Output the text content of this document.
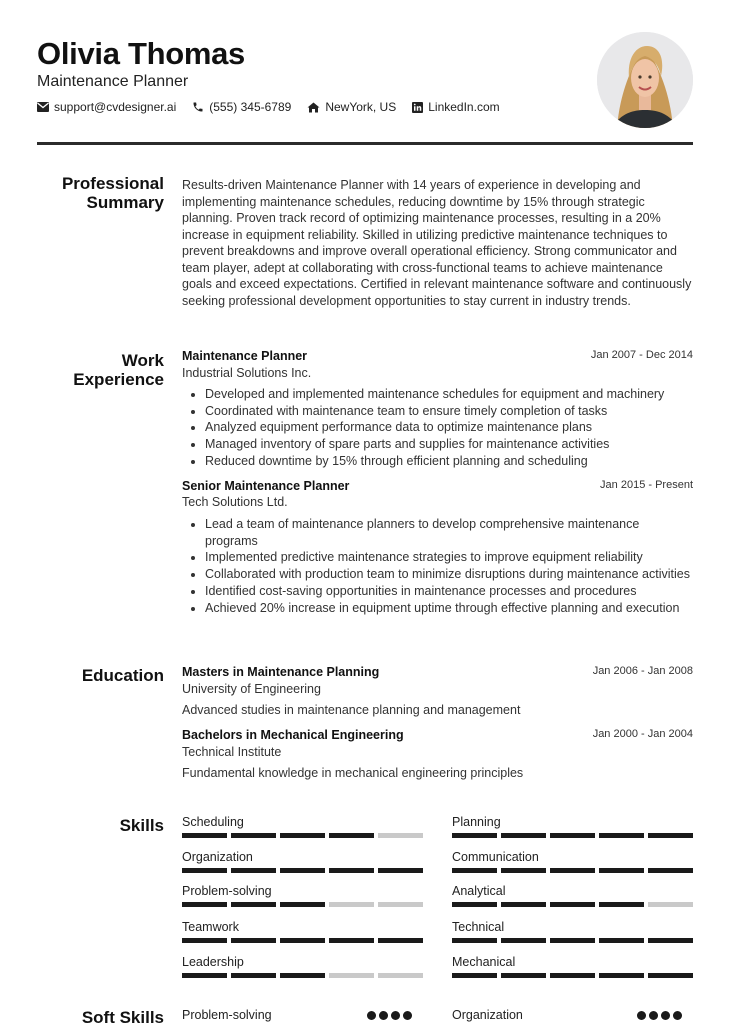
Olivia Thomas
Maintenance Planner
support@cvdesigner.ai	(555) 345-6789	NewYork, US	LinkedIn.com
Professional
Summary
Results-driven Maintenance Planner with 14 years of experience in developing and implementing maintenance schedules, reducing downtime by 15% through strategic planning. Proven track record of optimizing maintenance processes, resulting in a 20% increase in equipment reliability. Skilled in utilizing predictive maintenance techniques to prevent breakdowns and improve overall operational efficiency. Strong communicator and team player, adept at collaborating with cross-functional teams to achieve maintenance goals and exceed expectations. Certified in relevant maintenance software and continuously seeking professional development opportunities to stay current in industry trends.
Work
Experience
Maintenance Planner	Jan 2007 - Dec 2014
Industrial Solutions Inc.
Developed and implemented maintenance schedules for equipment and machinery
Coordinated with maintenance team to ensure timely completion of tasks
Analyzed equipment performance data to optimize maintenance plans
Managed inventory of spare parts and supplies for maintenance activities
Reduced downtime by 15% through efficient planning and scheduling
Senior Maintenance Planner	Jan 2015 - Present
Tech Solutions Ltd.
Lead a team of maintenance planners to develop comprehensive maintenance programs
Implemented predictive maintenance strategies to improve equipment reliability
Collaborated with production team to minimize disruptions during maintenance activities
Identified cost-saving opportunities in maintenance processes and procedures
Achieved 20% increase in equipment uptime through effective planning and execution
Education Masters in Maintenance Planning	Jan 2006 - Jan 2008
University of Engineering
Advanced studies in maintenance planning and management
Bachelors in Mechanical Engineering	Jan 2000 - Jan 2004
Technical Institute
Fundamental knowledge in mechanical engineering principles
Skills Scheduling	Planning
Organization	Communication
Problem-solving	Analytical
Teamwork	Technical
Leadership	Mechanical
Soft Skills Problem-solving	Organization
